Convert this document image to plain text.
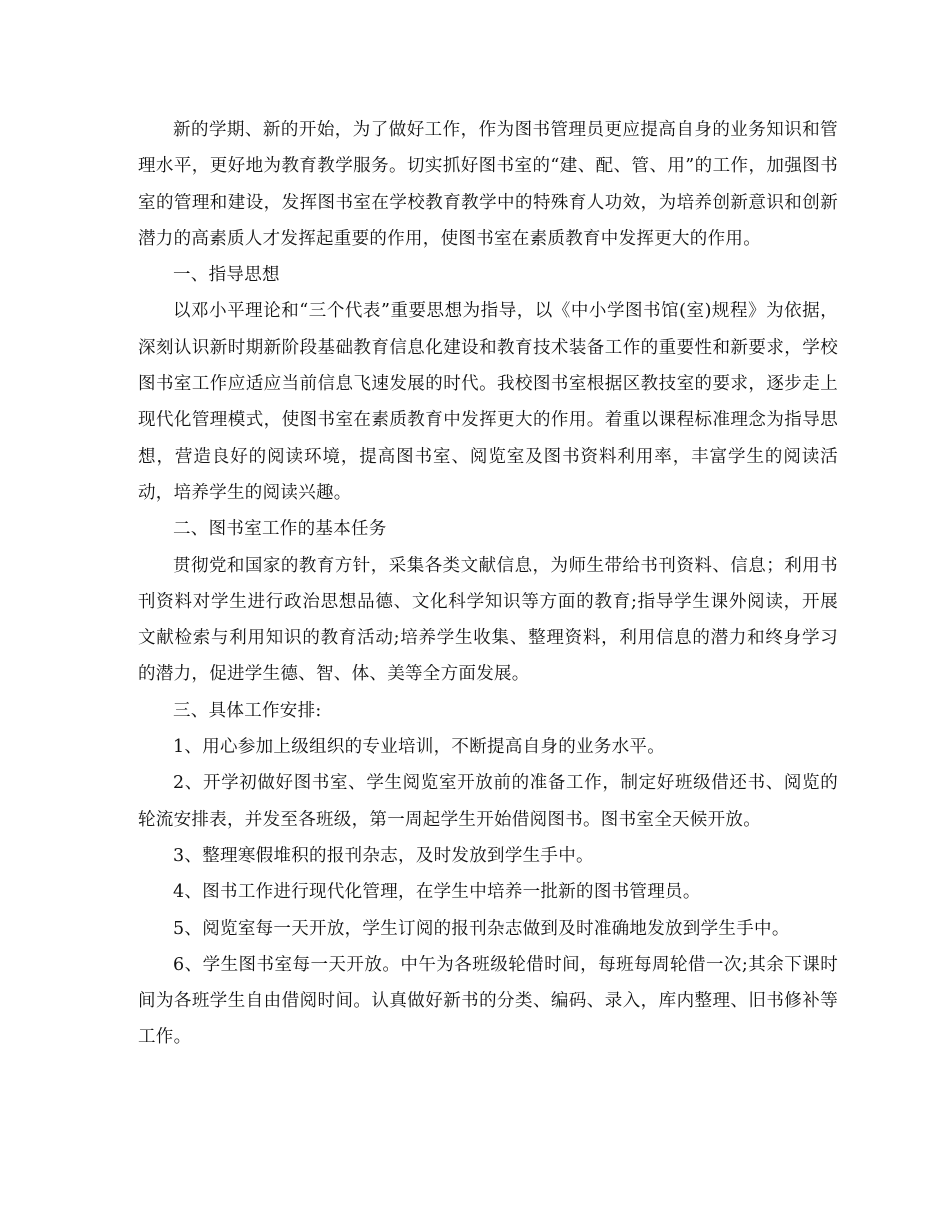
新的学期、新的开始，为了做好工作，作为图书管理员更应提高自身的业务知识和管理水平，更好地为教育教学服务。切实抓好图书室的“建、配、管、用”的工作，加强图书室的管理和建设，发挥图书室在学校教育教学中的特殊育人功效，为培养创新意识和创新潜力的高素质人才发挥起重要的作用，使图书室在素质教育中发挥更大的作用。

一、指导思想

以邓小平理论和“三个代表”重要思想为指导，以《中小学图书馆(室)规程》为依据，深刻认识新时期新阶段基础教育信息化建设和教育技术装备工作的重要性和新要求，学校图书室工作应适应当前信息飞速发展的时代。我校图书室根据区教技室的要求，逐步走上现代化管理模式，使图书室在素质教育中发挥更大的作用。着重以课程标准理念为指导思想，营造良好的阅读环境，提高图书室、阅览室及图书资料利用率，丰富学生的阅读活动，培养学生的阅读兴趣。

二、图书室工作的基本任务

贯彻党和国家的教育方针，采集各类文献信息，为师生带给书刊资料、信息；利用书刊资料对学生进行政治思想品德、文化科学知识等方面的教育;指导学生课外阅读，开展文献检索与利用知识的教育活动;培养学生收集、整理资料，利用信息的潜力和终身学习的潜力，促进学生德、智、体、美等全方面发展。

三、具体工作安排:

1、用心参加上级组织的专业培训，不断提高自身的业务水平。

2、开学初做好图书室、学生阅览室开放前的准备工作，制定好班级借还书、阅览的轮流安排表，并发至各班级，第一周起学生开始借阅图书。图书室全天候开放。

3、整理寒假堆积的报刊杂志，及时发放到学生手中。

4、图书工作进行现代化管理，在学生中培养一批新的图书管理员。

5、阅览室每一天开放，学生订阅的报刊杂志做到及时准确地发放到学生手中。

6、学生图书室每一天开放。中午为各班级轮借时间，每班每周轮借一次;其余下课时间为各班学生自由借阅时间。认真做好新书的分类、编码、录入，库内整理、旧书修补等工作。
